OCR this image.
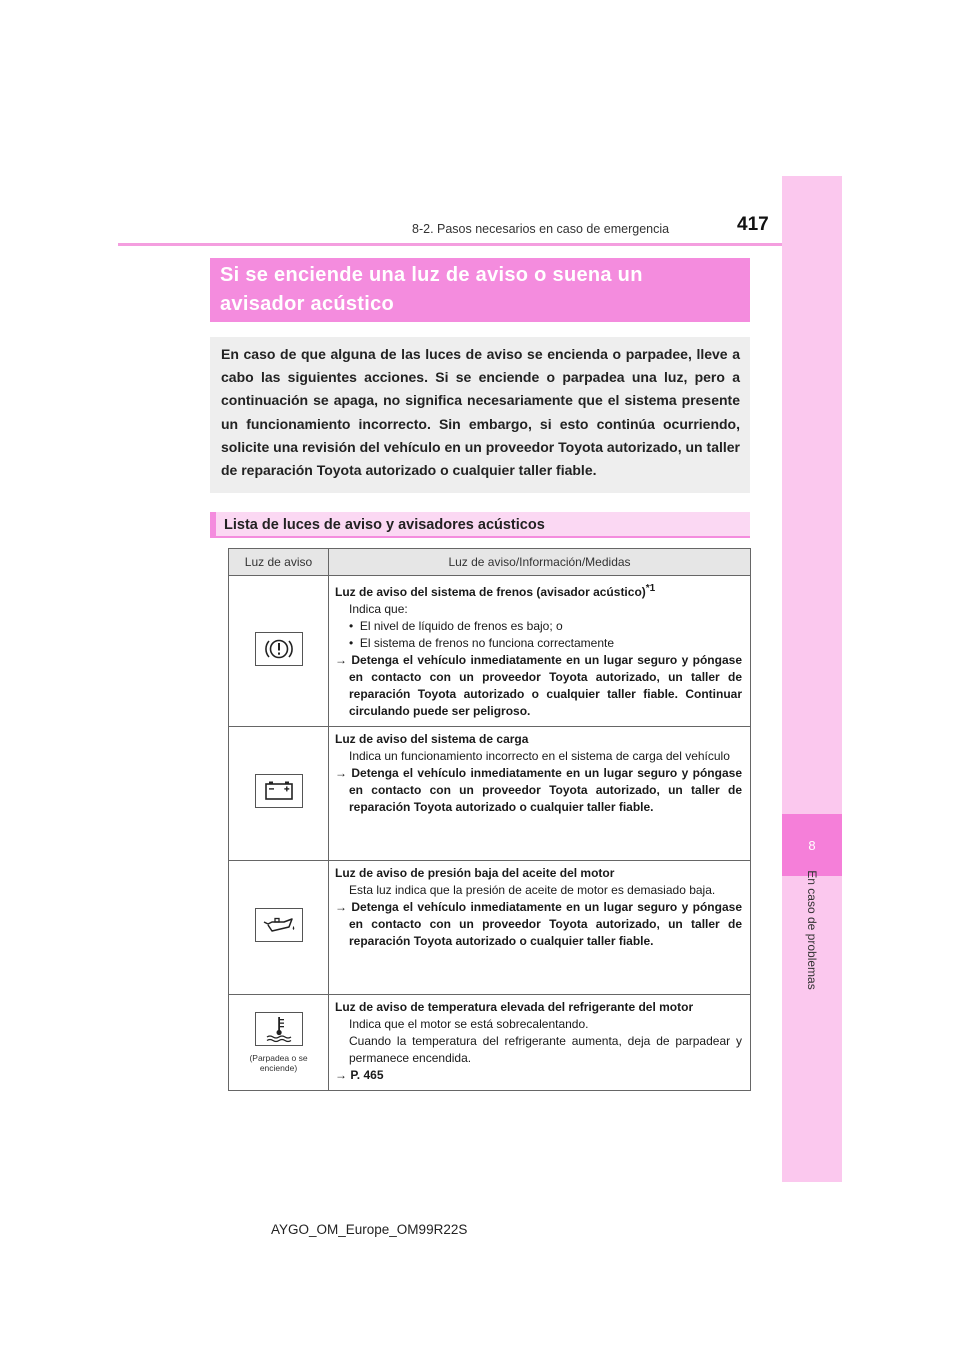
8
En caso de problemas
8-2. Pasos necesarios en caso de emergencia	417
Si se enciende una luz de aviso o suena un
avisador acústico
En caso de que alguna de las luces de aviso se encienda o parpadee, lleve a cabo las siguientes acciones. Si se enciende o parpadea una luz, pero a continuación se apaga, no significa necesariamente que el sistema presente un funcionamiento incorrecto. Sin embargo, si esto continúa ocurriendo, solicite una revisión del vehículo en un proveedor Toyota autorizado, un taller de reparación Toyota autorizado o cualquier taller fiable.
Lista de luces de aviso y avisadores acústicos
Luz de aviso	Luz de aviso/Información/Medidas

Luz de aviso del sistema de frenos (avisador acústico)$^{*1}$
Indica que:
•  El nivel de líquido de frenos es bajo; o
•  El sistema de frenos no funciona correctamente
→ Detenga el vehículo inmediatamente en un lugar seguro y póngase en contacto con un proveedor Toyota autorizado, un taller de reparación Toyota autorizado o cualquier taller fiable. Continuar circulando puede ser peligroso.

Luz de aviso del sistema de carga
Indica un funcionamiento incorrecto en el sistema de carga del vehículo
→ Detenga el vehículo inmediatamente en un lugar seguro y póngase en contacto con un proveedor Toyota autorizado, un taller de reparación Toyota autorizado o cualquier taller fiable.

Luz de aviso de presión baja del aceite del motor
Esta luz indica que la presión de aceite de motor es demasiado baja.
→ Detenga el vehículo inmediatamente en un lugar seguro y póngase en contacto con un proveedor Toyota autorizado, un taller de reparación Toyota autorizado o cualquier taller fiable.

(Parpadea o se enciende)	Luz de aviso de temperatura elevada del refrigerante del motor
Indica que el motor se está sobrecalentando.
Cuando la temperatura del refrigerante aumenta, deja de parpadear y permanece encendida.
→ P. 465
AYGO_OM_Europe_OM99R22S
